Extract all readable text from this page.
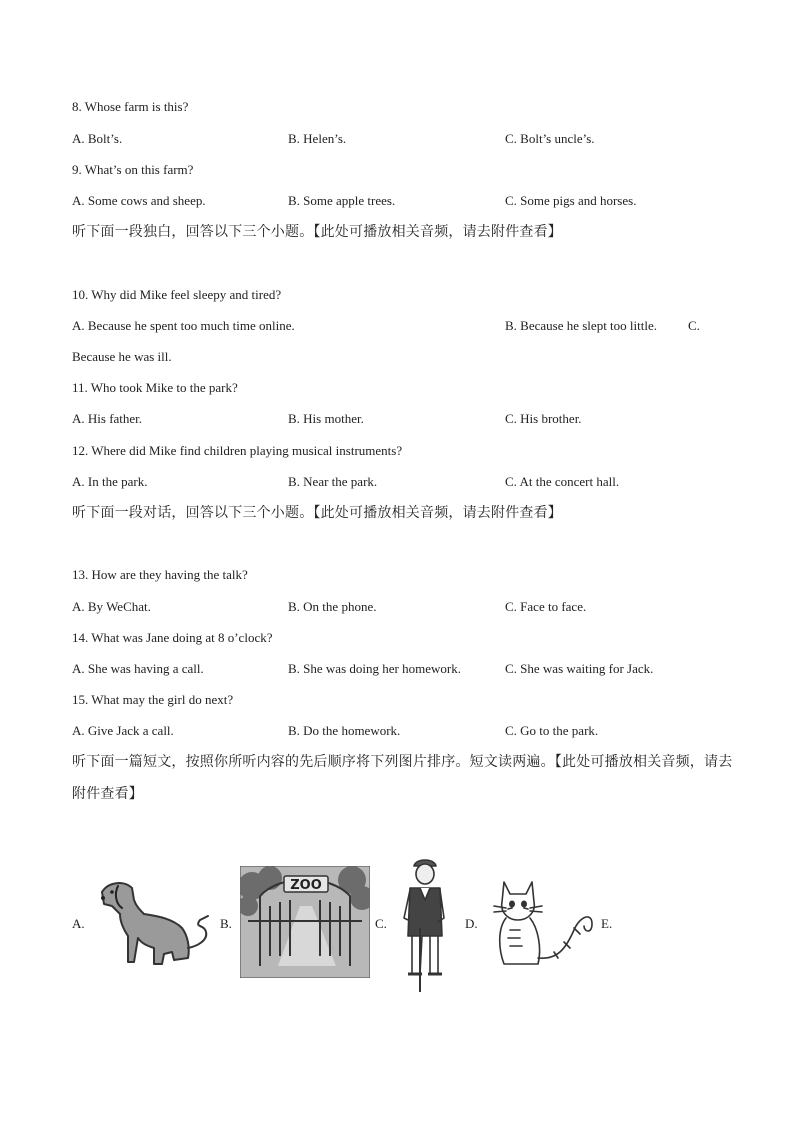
8. Whose farm is this?
A. Bolt’s.	B. Helen’s.	C. Bolt’s uncle’s.
9. What’s on this farm?
A. Some cows and sheep.	B. Some apple trees.	C. Some pigs and horses.
听下面一段独白，回答以下三个小题。【此处可播放相关音频，请去附件查看】
10. Why did Mike feel sleepy and tired?
A. Because he spent too much time online.	B. Because he slept too little. C.
Because he was ill.
11. Who took Mike to the park?
A. His father.	B. His mother.	C. His brother.
12. Where did Mike find children playing musical instruments?
A. In the park.	B. Near the park.	C. At the concert hall.
听下面一段对话，回答以下三个小题。【此处可播放相关音频，请去附件查看】
13. How are they having the talk?
A. By WeChat.	B. On the phone.	C. Face to face.
14. What was Jane doing at 8 o’clock?
A. She was having a call.	B. She was doing her homework.	C. She was waiting for Jack.
15. What may the girl do next?
A. Give Jack a call.	B. Do the homework.	C. Go to the park.
听下面一篇短文，按照你所听内容的先后顺序将下列图片排序。短文读两遍。【此处可播放相关音频，请去
附件查看】
A.	B.	C.	D.	E.
ZOO
